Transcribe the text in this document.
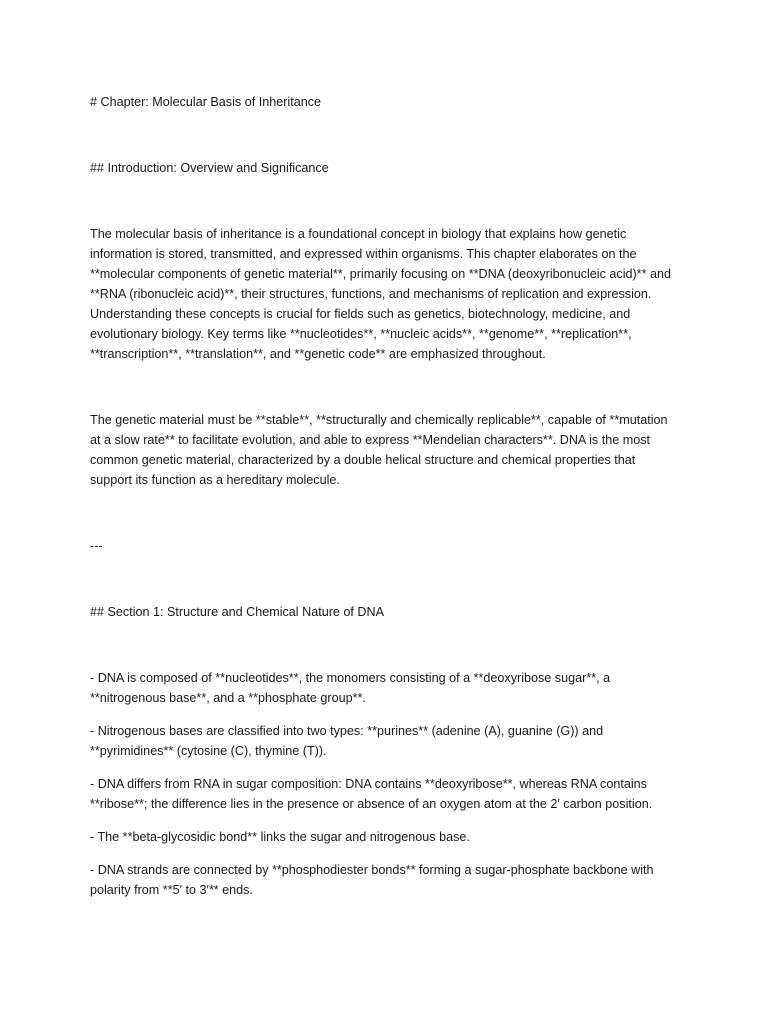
# Chapter: Molecular Basis of Inheritance

## Introduction: Overview and Significance

The molecular basis of inheritance is a foundational concept in biology that explains how genetic information is stored, transmitted, and expressed within organisms. This chapter elaborates on the **molecular components of genetic material**, primarily focusing on **DNA (deoxyribonucleic acid)** and **RNA (ribonucleic acid)**, their structures, functions, and mechanisms of replication and expression. Understanding these concepts is crucial for fields such as genetics, biotechnology, medicine, and evolutionary biology. Key terms like **nucleotides**, **nucleic acids**, **genome**, **replication**, **transcription**, **translation**, and **genetic code** are emphasized throughout.

The genetic material must be **stable**, **structurally and chemically replicable**, capable of **mutation at a slow rate** to facilitate evolution, and able to express **Mendelian characters**. DNA is the most common genetic material, characterized by a double helical structure and chemical properties that support its function as a hereditary molecule.

---

## Section 1: Structure and Chemical Nature of DNA

- DNA is composed of **nucleotides**, the monomers consisting of a **deoxyribose sugar**, a **nitrogenous base**, and a **phosphate group**.
- Nitrogenous bases are classified into two types: **purines** (adenine (A), guanine (G)) and **pyrimidines** (cytosine (C), thymine (T)).
- DNA differs from RNA in sugar composition: DNA contains **deoxyribose**, whereas RNA contains **ribose**; the difference lies in the presence or absence of an oxygen atom at the 2′ carbon position.
- The **beta-glycosidic bond** links the sugar and nitrogenous base.
- DNA strands are connected by **phosphodiester bonds** forming a sugar-phosphate backbone with polarity from **5′ to 3′** ends.
